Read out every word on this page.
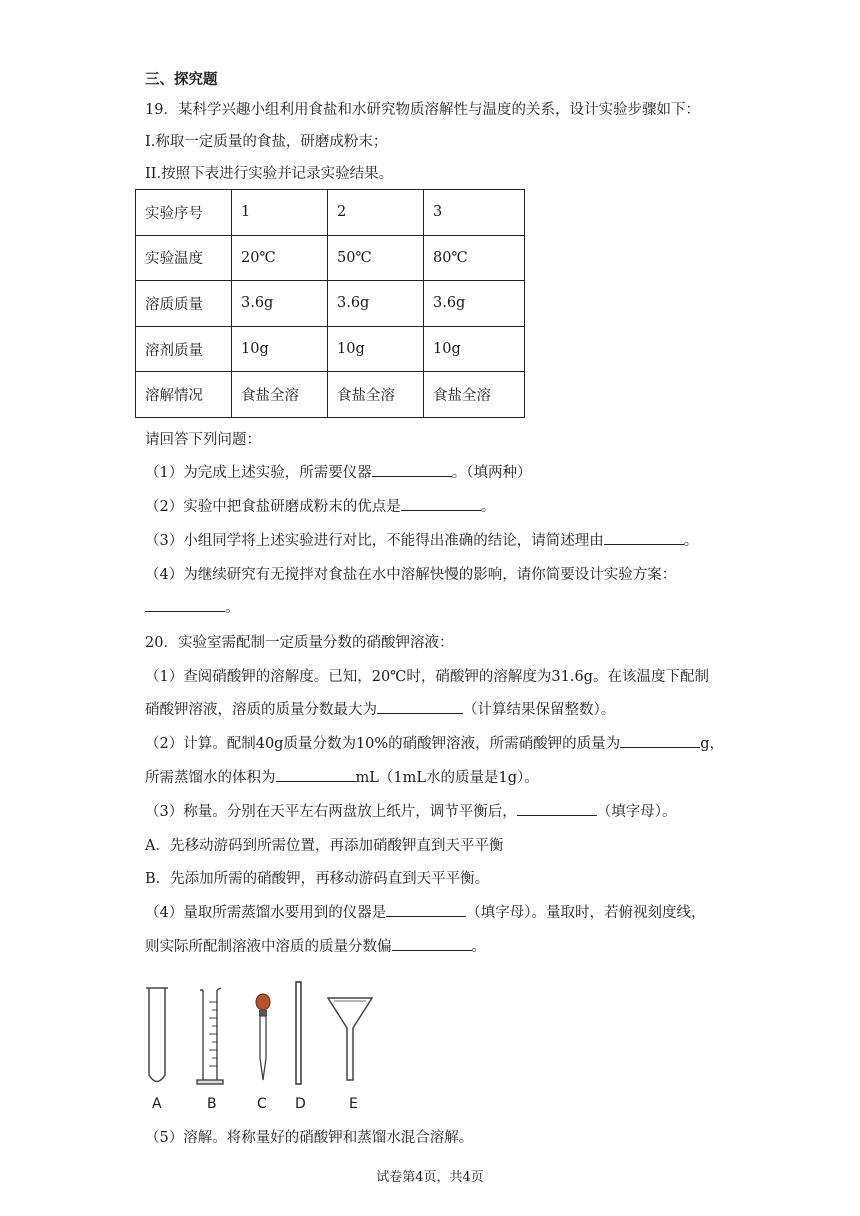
三、探究题
19．某科学兴趣小组利用食盐和水研究物质溶解性与温度的关系，设计实验步骤如下：
I.称取一定质量的食盐，研磨成粉末；
II.按照下表进行实验并记录实验结果。
实验序号	1	2	3
实验温度	20℃	50℃	80℃
溶质质量	3.6g	3.6g	3.6g
溶剂质量	10g	10g	10g
溶解情况	食盐全溶	食盐全溶	食盐全溶
请回答下列问题：
（1）为完成上述实验，所需要仪器	。（填两种）
（2）实验中把食盐研磨成粉末的优点是	。
（3）小组同学将上述实验进行对比，不能得出准确的结论，请简述理由	。
（4）为继续研究有无搅拌对食盐在水中溶解快慢的影响，请你简要设计实验方案：
。
20．实验室需配制一定质量分数的硝酸钾溶液：
（1）查阅硝酸钾的溶解度。已知，20℃时，硝酸钾的溶解度为31.6g。在该温度下配制
硝酸钾溶液，溶质的质量分数最大为	（计算结果保留整数）。
（2）计算。配制40g质量分数为10%的硝酸钾溶液，所需硝酸钾的质量为	g，
所需蒸馏水的体积为	mL（1mL水的质量是1g）。
（3）称量。分别在天平左右两盘放上纸片，调节平衡后，	（填字母）。
A．先移动游码到所需位置，再添加硝酸钾直到天平平衡
B．先添加所需的硝酸钾，再移动游码直到天平平衡。
（4）量取所需蒸馏水要用到的仪器是	（填字母）。量取时，若俯视刻度线，
则实际所配制溶液中溶质的质量分数偏	。
A	B	C D	E
（5）溶解。将称量好的硝酸钾和蒸馏水混合溶解。
试卷第4页，共4页
